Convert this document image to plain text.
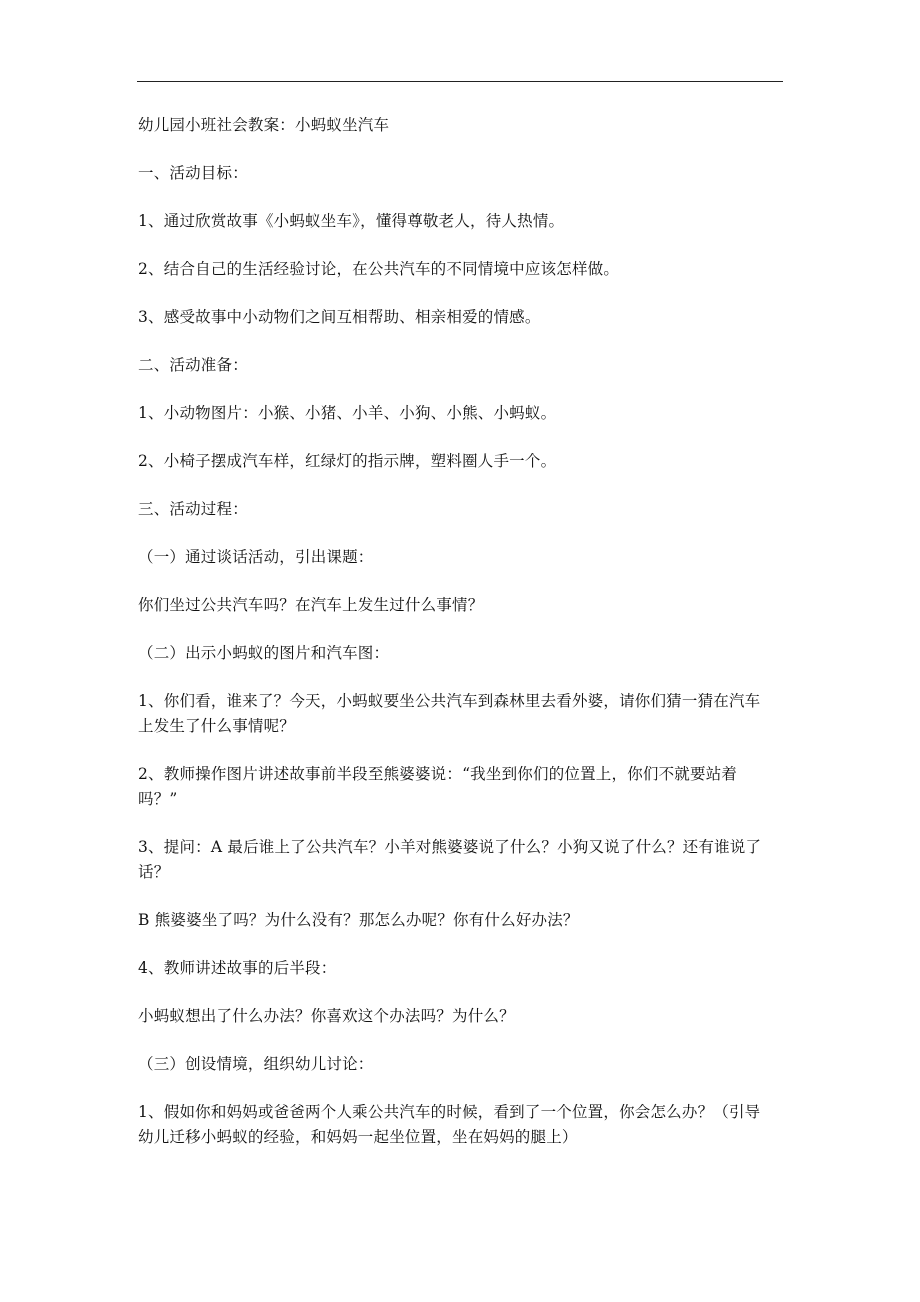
幼儿园小班社会教案：小蚂蚁坐汽车
一、活动目标：
1、通过欣赏故事《小蚂蚁坐车》，懂得尊敬老人，待人热情。
2、结合自己的生活经验讨论，在公共汽车的不同情境中应该怎样做。
3、感受故事中小动物们之间互相帮助、相亲相爱的情感。
二、活动准备：
1、小动物图片：小猴、小猪、小羊、小狗、小熊、小蚂蚁。
2、小椅子摆成汽车样，红绿灯的指示牌，塑料圈人手一个。
三、活动过程：
（一）通过谈话活动，引出课题：
你们坐过公共汽车吗？在汽车上发生过什么事情？
（二）出示小蚂蚁的图片和汽车图：
1、你们看，谁来了？今天，小蚂蚁要坐公共汽车到森林里去看外婆，请你们猜一猜在汽车
上发生了什么事情呢？
2、教师操作图片讲述故事前半段至熊婆婆说：“我坐到你们的位置上，你们不就要站着
吗？”
3、提问：A 最后谁上了公共汽车？小羊对熊婆婆说了什么？小狗又说了什么？还有谁说了
话？
B 熊婆婆坐了吗？为什么没有？那怎么办呢？你有什么好办法？
4、教师讲述故事的后半段：
小蚂蚁想出了什么办法？你喜欢这个办法吗？为什么？
（三）创设情境，组织幼儿讨论：
1、假如你和妈妈或爸爸两个人乘公共汽车的时候，看到了一个位置，你会怎么办？（引导
幼儿迁移小蚂蚁的经验，和妈妈一起坐位置，坐在妈妈的腿上）
